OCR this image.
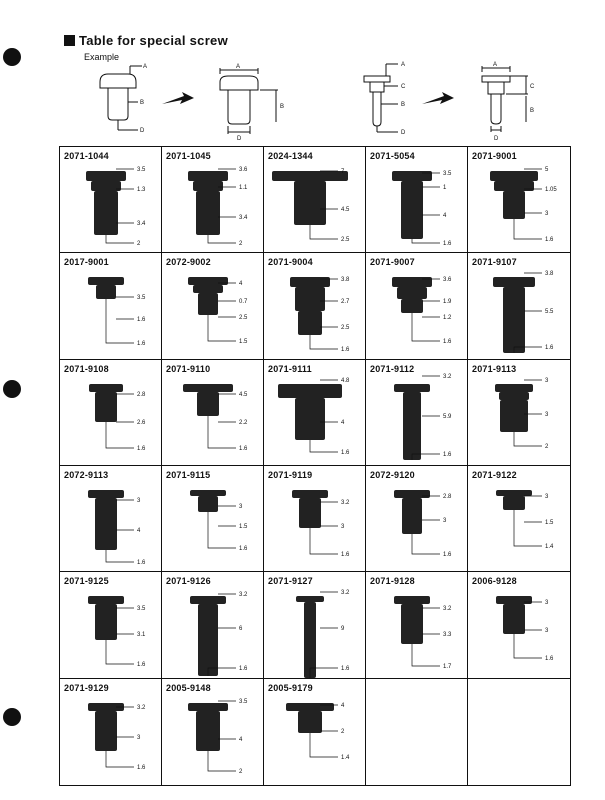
Table for special screw
Example
A
B
D
A
B
D
A
C
B
D
A
C
B
D
2071-1044
3.5
1.3
3.4
2
2071-1045
3.6
1.1
3.4
2
2024-1344
7
4.5
2.5
2071-5054
3.5
1
4
1.6
2071-9001
5
1.05
3
1.6
2017-9001
3.5
1.6
1.6
2072-9002
4
0.7
2.5
1.5
2071-9004
3.8
2.7
2.5
1.6
2071-9007
3.6
1.9
1.2
1.6
2071-9107
3.8
5.5
1.6
2071-9108
2.8
2.6
1.6
2071-9110
4.5
2.2
1.6
2071-9111
4.8
4
1.6
2071-9112
3.2
5.9
1.6
2071-9113
3
3
2
2072-9113
3
4
1.6
2071-9115
3
1.5
1.6
2071-9119
3.2
3
1.6
2072-9120
2.8
3
1.6
2071-9122
3
1.5
1.4
2071-9125
3.5
3.1
1.6
2071-9126
3.2
6
1.6
2071-9127
3.2
9
1.6
2071-9128
3.2
3.3
1.7
2006-9128
3
3
1.6
2071-9129
3.2
3
1.6
2005-9148
3.5
4
2
2005-9179
4
2
1.4
